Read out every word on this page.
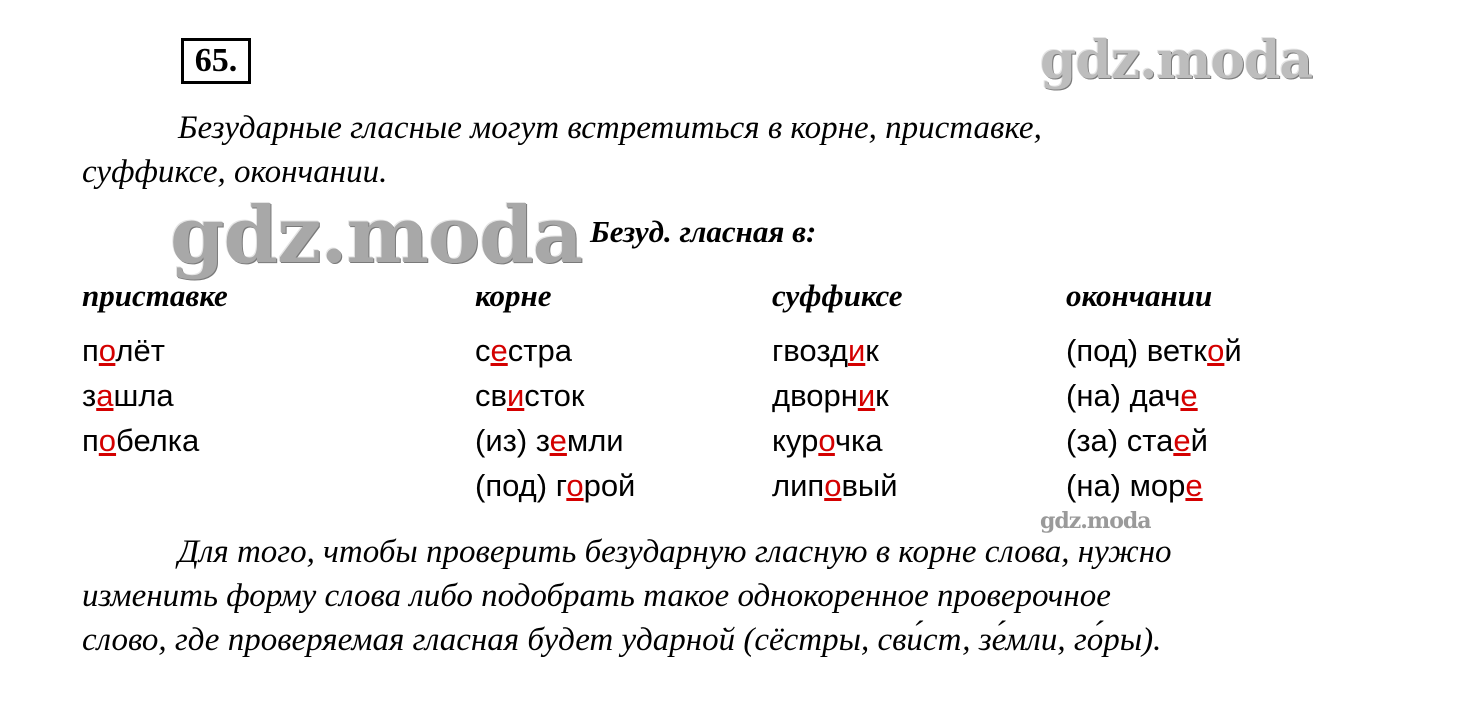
65.	gdz.moda
gdz.moda
gdz.moda
Безударные гласные могут встретиться в корне, приставке,
суффиксе, окончании.
Безуд. гласная в:
приставке
полёт
зашла
побелка
корне
сестра
свисток
(из) земли
(под) горой
суффиксе
гвоздик
дворник
курочка
липовый
окончании
(под) веткой
(на) даче
(за) стаей
(на) море
Для того, чтобы проверить безударную гласную в корне слова, нужно
изменить форму слова либо подобрать такое однокоренное проверочное
слово, где проверяемая гласная будет ударной (сёстры, сви́ст, зе́мли, го́ры).
